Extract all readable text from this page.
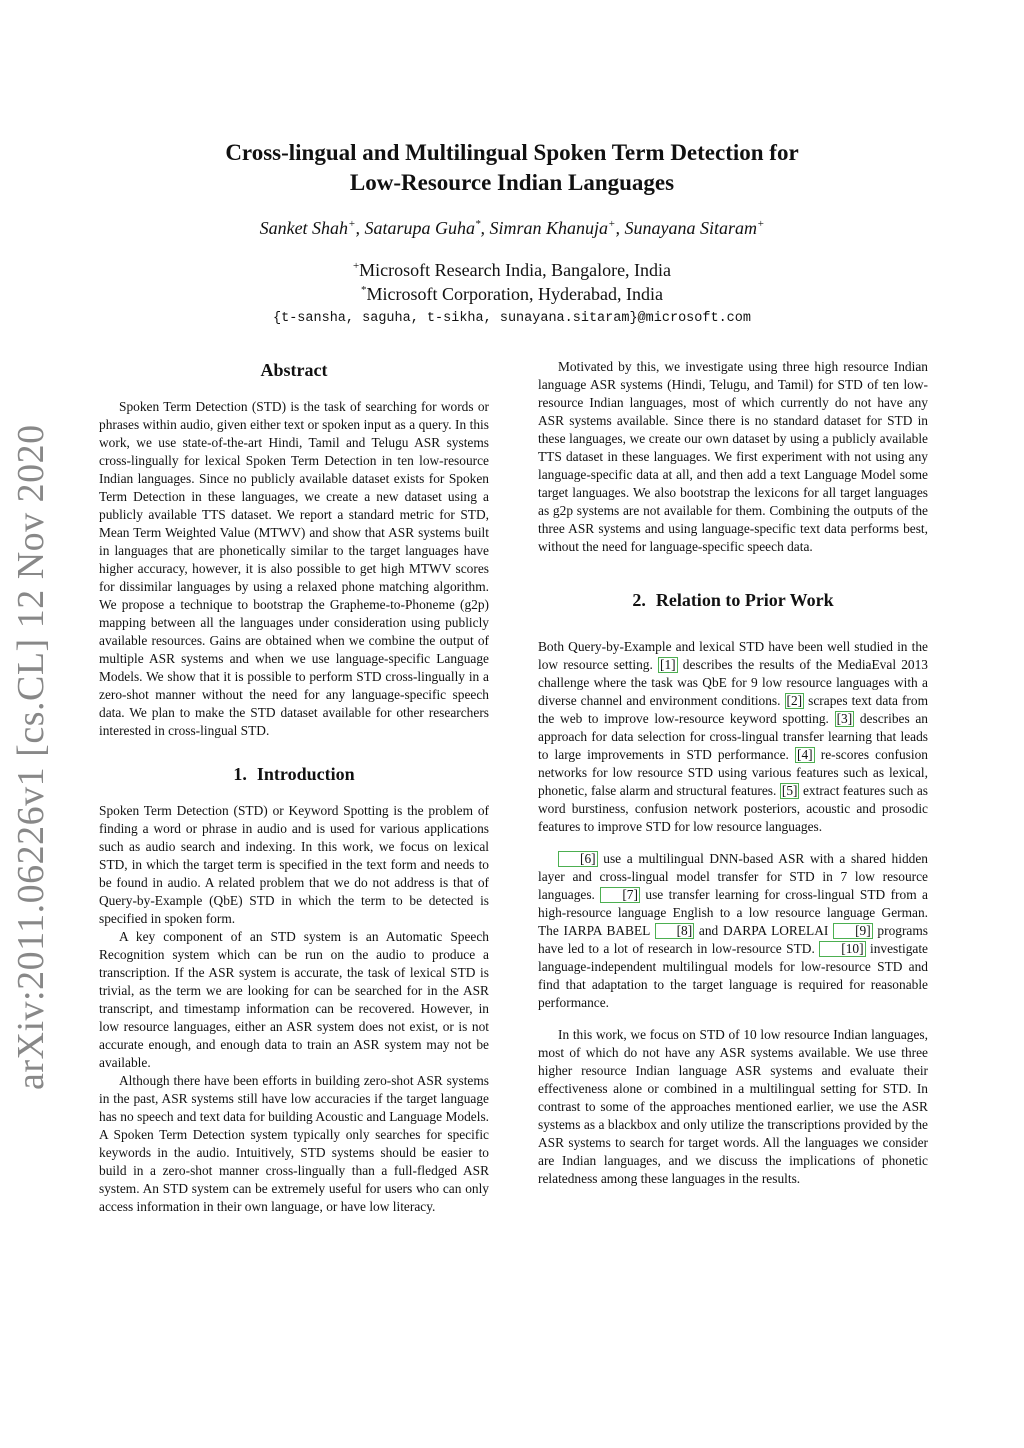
arXiv:2011.06226v1 [cs.CL] 12 Nov 2020
Cross-lingual and Multilingual Spoken Term Detection for
Low-Resource Indian Languages
Sanket Shah+, Satarupa Guha*, Simran Khanuja+, Sunayana Sitaram+
+Microsoft Research India, Bangalore, India
*Microsoft Corporation, Hyderabad, India
{t-sansha, saguha, t-sikha, sunayana.sitaram}@microsoft.com
Abstract

Spoken Term Detection (STD) is the task of searching for words or phrases within audio, given either text or spoken input as a query. In this work, we use state-of-the-art Hindi, Tamil and Telugu ASR systems cross-lingually for lexical Spoken Term Detection in ten low-resource Indian languages. Since no publicly available dataset exists for Spoken Term Detection in these languages, we create a new dataset using a publicly available TTS dataset. We report a standard metric for STD, Mean Term Weighted Value (MTWV) and show that ASR systems built in languages that are phonetically similar to the target languages have higher accuracy, however, it is also possible to get high MTWV scores for dissimilar languages by using a relaxed phone matching algorithm. We propose a technique to bootstrap the Grapheme-to-Phoneme (g2p) mapping between all the languages under consideration using publicly available resources. Gains are obtained when we combine the output of multiple ASR systems and when we use language-specific Language Models. We show that it is possible to perform STD cross-lingually in a zero-shot manner without the need for any language-specific speech data. We plan to make the STD dataset available for other researchers interested in cross-lingual STD.

1. Introduction

Spoken Term Detection (STD) or Keyword Spotting is the problem of finding a word or phrase in audio and is used for various applications such as audio search and indexing. In this work, we focus on lexical STD, in which the target term is specified in the text form and needs to be found in audio. A related problem that we do not address is that of Query-by-Example (QbE) STD in which the term to be detected is specified in spoken form.

A key component of an STD system is an Automatic Speech Recognition system which can be run on the audio to produce a transcription. If the ASR system is accurate, the task of lexical STD is trivial, as the term we are looking for can be searched for in the ASR transcript, and timestamp information can be recovered. However, in low resource languages, either an ASR system does not exist, or is not accurate enough, and enough data to train an ASR system may not be available.

Although there have been efforts in building zero-shot ASR systems in the past, ASR systems still have low accuracies if the target language has no speech and text data for building Acoustic and Language Models. A Spoken Term Detection system typically only searches for specific keywords in the audio. Intuitively, STD systems should be easier to build in a zero-shot manner cross-lingually than a full-fledged ASR system. An STD system can be extremely useful for users who can only access information in their own language, or have low literacy.

Motivated by this, we investigate using three high resource Indian language ASR systems (Hindi, Telugu, and Tamil) for STD of ten low-resource Indian languages, most of which currently do not have any ASR systems available. Since there is no standard dataset for STD in these languages, we create our own dataset by using a publicly available TTS dataset in these languages. We first experiment with not using any language-specific data at all, and then add a text Language Model some target languages. We also bootstrap the lexicons for all target languages as g2p systems are not available for them. Combining the outputs of the three ASR systems and using language-specific text data performs best, without the need for language-specific speech data.

2. Relation to Prior Work

Both Query-by-Example and lexical STD have been well studied in the low resource setting. [1] describes the results of the MediaEval 2013 challenge where the task was QbE for 9 low resource languages with a diverse channel and environment conditions. [2] scrapes text data from the web to improve low-resource keyword spotting. [3] describes an approach for data selection for cross-lingual transfer learning that leads to large improvements in STD performance. [4] re-scores confusion networks for low resource STD using various features such as lexical, phonetic, false alarm and structural features. [5] extract features such as word burstiness, confusion network posteriors, acoustic and prosodic features to improve STD for low resource languages.

[6] use a multilingual DNN-based ASR with a shared hidden layer and cross-lingual model transfer for STD in 7 low resource languages. [7] use transfer learning for cross-lingual STD from a high-resource language English to a low resource language German. The IARPA BABEL [8] and DARPA LORELAI [9] programs have led to a lot of research in low-resource STD. [10] investigate language-independent multilingual models for low-resource STD and find that adaptation to the target language is required for reasonable performance.

In this work, we focus on STD of 10 low resource Indian languages, most of which do not have any ASR systems available. We use three higher resource Indian language ASR systems and evaluate their effectiveness alone or combined in a multilingual setting for STD. In contrast to some of the approaches mentioned earlier, we use the ASR systems as a blackbox and only utilize the transcriptions provided by the ASR systems to search for target words. All the languages we consider are Indian languages, and we discuss the implications of phonetic relatedness among these languages in the results.
